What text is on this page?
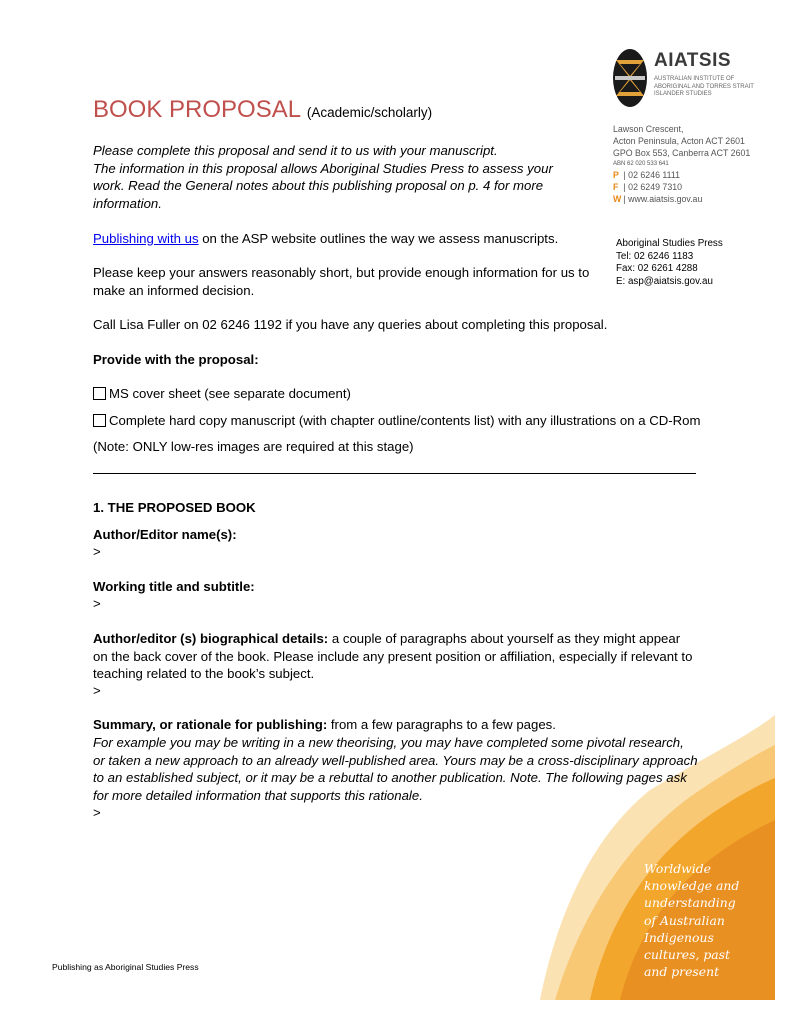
AIATSIS
AUSTRALIAN INSTITUTE OF
ABORIGINAL AND TORRES STRAIT
ISLANDER STUDIES
Lawson Crescent,
Acton Peninsula, Acton ACT 2601
GPO Box 553, Canberra ACT 2601
ABN 62 020 533 641
P | 02 6246 1111
F | 02 6249 7310
W | www.aiatsis.gov.au
BOOK PROPOSAL (Academic/scholarly)
Please complete this proposal and send it to us with your manuscript.
The information in this proposal allows Aboriginal Studies Press to assess your work. Read the General notes about this publishing proposal on p. 4 for more information.
Publishing with us on the ASP website outlines the way we assess manuscripts.	Aboriginal Studies Press
Tel: 02 6246 1183
Fax: 02 6261 4288
E: asp@aiatsis.gov.au
Please keep your answers reasonably short, but provide enough information for us to make an informed decision.
Call Lisa Fuller on 02 6246 1192 if you have any queries about completing this proposal.
Provide with the proposal:
MS cover sheet (see separate document)
Complete hard copy manuscript (with chapter outline/contents list) with any illustrations on a CD-Rom
(Note: ONLY low-res images are required at this stage)
1. THE PROPOSED BOOK
Author/Editor name(s):
>
Working title and subtitle:
>
Author/editor (s) biographical details: a couple of paragraphs about yourself as they might appear on the back cover of the book. Please include any present position or affiliation, especially if relevant to teaching related to the book’s subject.
>
Summary, or rationale for publishing: from a few paragraphs to a few pages.
For example you may be writing in a new theorising, you may have completed some pivotal research, or taken a new approach to an already well-published area. Yours may be a cross-disciplinary approach to an established subject, or it may be a rebuttal to another publication. Note. The following pages ask for more detailed information that supports this rationale.
>
Worldwide
knowledge and
understanding
of Australian
Indigenous
cultures, past
and present
Publishing as Aboriginal Studies Press
